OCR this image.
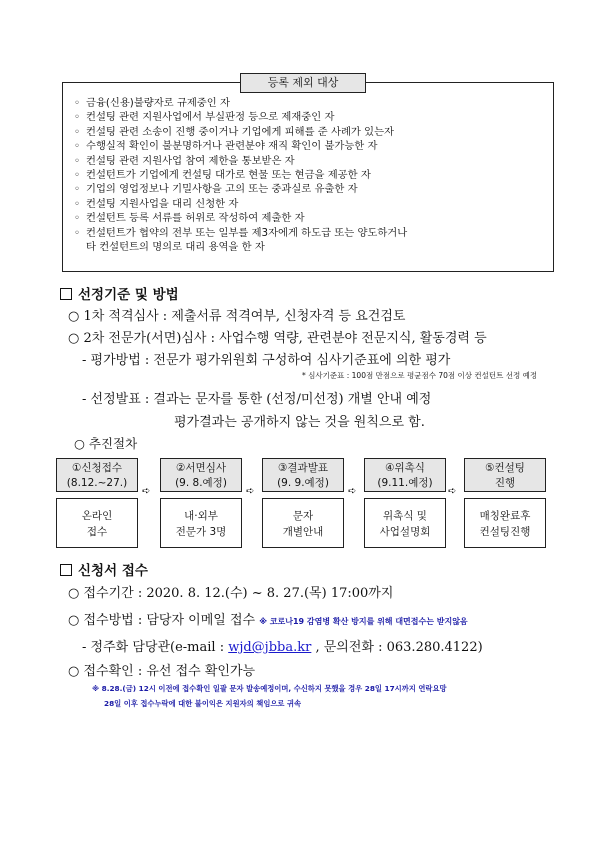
등록 제외 대상
◦ 금융(신용)불량자로 규제중인 자
◦ 컨설팅 관련 지원사업에서 부실판정 등으로 제재중인 자
◦ 컨설팅 관련 소송이 진행 중이거나 기업에게 피해를 준 사례가 있는자
◦ 수행실적 확인이 불분명하거나 관련분야 재직 확인이 불가능한 자
◦ 컨설팅 관련 지원사업 참여 제한을 통보받은 자
◦ 컨설턴트가 기업에게 컨설팅 대가로 현물 또는 현금을 제공한 자
◦ 기업의 영업정보나 기밀사항을 고의 또는 중과실로 유출한 자
◦ 컨설팅 지원사업을 대리 신청한 자
◦ 컨설턴트 등록 서류를 허위로 작성하여 제출한 자
◦ 컨설턴트가 협약의 전부 또는 일부를 제3자에게 하도급 또는 양도하거나
타 컨설턴트의 명의로 대리 용역을 한 자
선정기준 및 방법
○ 1차 적격심사 : 제출서류 적격여부, 신청자격 등 요건검토
○ 2차 전문가(서면)심사 : 사업수행 역량, 관련분야 전문지식, 활동경력 등
- 평가방법 : 전문가 평가위원회 구성하여 심사기준표에 의한 평가
* 심사기준표 : 100점 만점으로 평균점수 70점 이상 컨설턴트 선정 예정
- 선정발표 : 결과는 문자를 통한 (선정/미선정) 개별 안내 예정
평가결과는 공개하지 않는 것을 원칙으로 함.
○ 추진절차
①신청접수
(8.12.~27.)
온라인
접수
➪
②서면심사
(9. 8.예정)
내·외부
전문가 3명
➪
③결과발표
(9. 9.예정)
문자
개별안내
➪
④위촉식
(9.11.예정)
위촉식 및
사업설명회
➪
⑤컨설팅
진행
매칭완료후
컨설팅진행
신청서 접수
○ 접수기간 : 2020. 8. 12.(수) ~ 8. 27.(목) 17:00까지
○ 접수방법 : 담당자 이메일 접수 ※ 코로나19 감염병 확산 방지를 위해 대면접수는 받지않음
- 정주화 담당관(e-mail : wjd@jbba.kr , 문의전화 : 063.280.4122)
○ 접수확인 : 유선 접수 확인가능
※ 8.28.(금) 12시 이전에 접수확인 일괄 문자 발송예정이며, 수신하지 못했을 경우 28일 17시까지 연락요망
28일 이후 접수누락에 대한 불이익은 지원자의 책임으로 귀속
